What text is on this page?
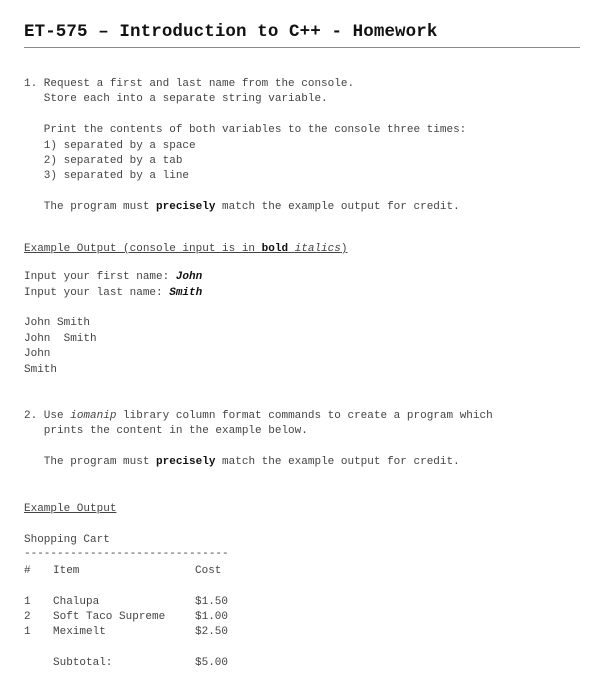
ET-575 – Introduction to C++ - Homework
1. Request a first and last name from the console.
Store each into a separate string variable.
Print the contents of both variables to the console three times:
1) separated by a space
2) separated by a tab
3) separated by a line
The program must precisely match the example output for credit.
Example Output (console input is in bold italics)
Input your first name: John
Input your last name: Smith
John Smith
John  Smith
John
Smith
2. Use iomanip library column format commands to create a program which
prints the content in the example below.
The program must precisely match the example output for credit.
Example Output
Shopping Cart
-------------------------------
# Item	Cost
1 Chalupa	$1.50
2 Soft Taco Supreme	$1.00
1 Meximelt	$2.50
Subtotal:	$5.00
